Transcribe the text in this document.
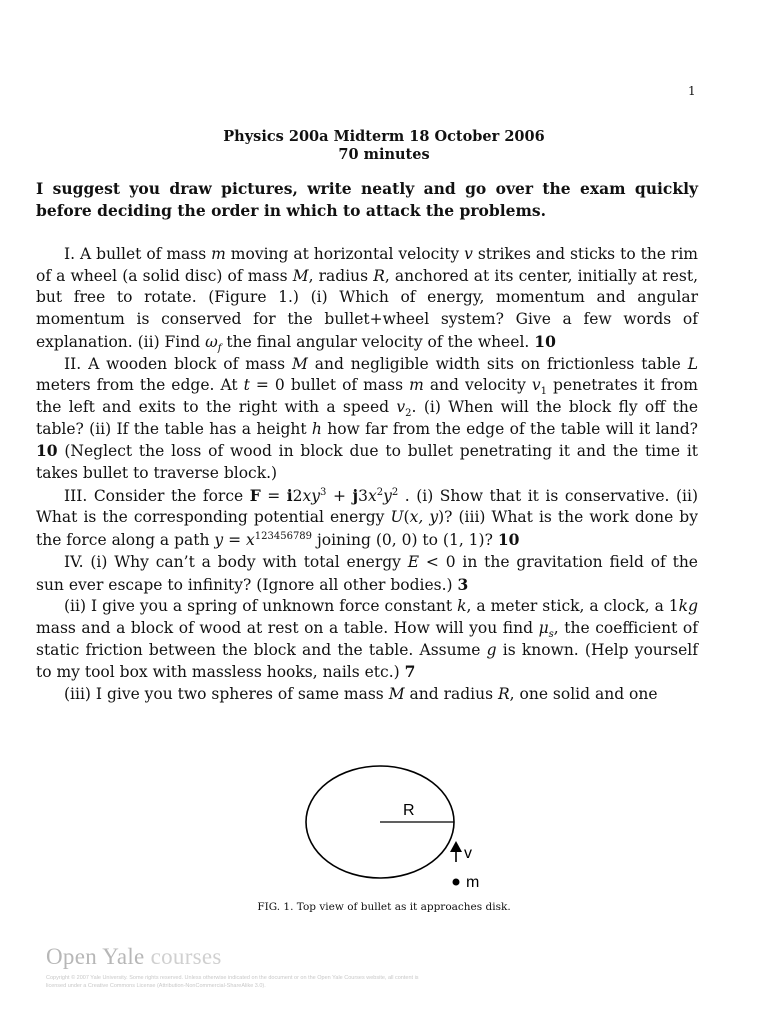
1
Physics 200a Midterm 18 October 2006
70 minutes
I suggest you draw pictures, write neatly and go over the exam quickly before deciding the order in which to attack the problems.

I. A bullet of mass m moving at horizontal velocity v strikes and sticks to the rim of a wheel (a solid disc) of mass M, radius R, anchored at its center, initially at rest, but free to rotate. (Figure 1.) (i) Which of energy, momentum and angular momentum is conserved for the bullet+wheel system? Give a few words of explanation. (ii) Find $\omega_f$ the final angular velocity of the wheel. 10

II. A wooden block of mass M and negligible width sits on frictionless table L meters from the edge. At t = 0 bullet of mass m and velocity $v_1$ penetrates it from the left and exits to the right with a speed $v_2$. (i) When will the block fly off the table? (ii) If the table has a height h how far from the edge of the table will it land? 10 (Neglect the loss of wood in block due to bullet penetrating it and the time it takes bullet to traverse block.)

III. Consider the force $F = i2xy^3 + j3x^2y^2$ . (i) Show that it is conservative. (ii) What is the corresponding potential energy U(x, y)? (iii) What is the work done by the force along a path $y = x^{123456789}$ joining (0, 0) to (1, 1)? 10

IV. (i) Why can’t a body with total energy E < 0 in the gravitation field of the sun ever escape to infinity? (Ignore all other bodies.) 3

(ii) I give you a spring of unknown force constant k, a meter stick, a clock, a 1kg mass and a block of wood at rest on a table. How will you find $\mu_s$, the coefficient of static friction between the block and the table. Assume g is known. (Help yourself to my tool box with massless hooks, nails etc.) 7

(iii) I give you two spheres of same mass M and radius R, one solid and one

R
v
m
FIG. 1. Top view of bullet as it approaches disk.
Open Yale courses
Copyright © 2007 Yale University. Some rights reserved. Unless otherwise indicated on the document or on the Open Yale Courses website, all content is licensed under a Creative Commons License (Attribution-NonCommercial-ShareAlike 3.0).
